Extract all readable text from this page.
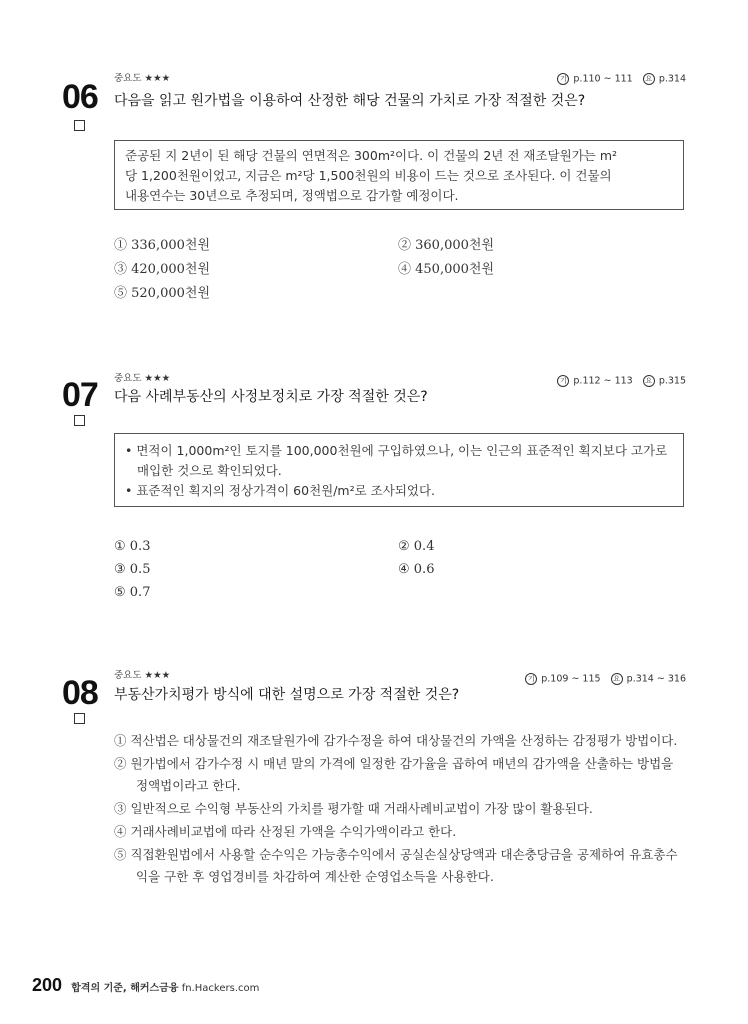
중요도 ★★★	기 p.110 ~ 111 요 p.314
06 다음을 읽고 원가법을 이용하여 산정한 해당 건물의 가치로 가장 적절한 것은?

준공된 지 2년이 된 해당 건물의 연면적은 300m²이다. 이 건물의 2년 전 재조달원가는 m²

당 1,200천원이었고, 지금은 m²당 1,500천원의 비용이 드는 것으로 조사된다. 이 건물의

내용연수는 30년으로 추정되며, 정액법으로 감가할 예정이다.

① 336,000천원	② 360,000천원
③ 420,000천원	④ 450,000천원
⑤ 520,000천원
중요도 ★★★	기 p.112 ~ 113 요 p.315
07 다음 사례부동산의 사정보정치로 가장 적절한 것은?

• 면적이 1,000m²인 토지를 100,000천원에 구입하였으나, 이는 인근의 표준적인 획지보다 고가로 매입한 것으로 확인되었다.

• 표준적인 획지의 정상가격이 60천원/m²로 조사되었다.

① 0.3	② 0.4
③ 0.5	④ 0.6
⑤ 0.7
중요도 ★★★	기 p.109 ~ 115 요 p.314 ~ 316
08 부동산가치평가 방식에 대한 설명으로 가장 적절한 것은?

① 적산법은 대상물건의 재조달원가에 감가수정을 하여 대상물건의 가액을 산정하는 감정평가 방법이다.

② 원가법에서 감가수정 시 매년 말의 가격에 일정한 감가율을 곱하여 매년의 감가액을 산출하는 방법을 정액법이라고 한다.

③ 일반적으로 수익형 부동산의 가치를 평가할 때 거래사례비교법이 가장 많이 활용된다.

④ 거래사례비교법에 따라 산정된 가액을 수익가액이라고 한다.

⑤ 직접환원법에서 사용할 순수익은 가능총수익에서 공실손실상당액과 대손충당금을 공제하여 유효총수익을 구한 후 영업경비를 차감하여 계산한 순영업소득을 사용한다.

200 합격의 기준, 해커스금융 fn.Hackers.com
